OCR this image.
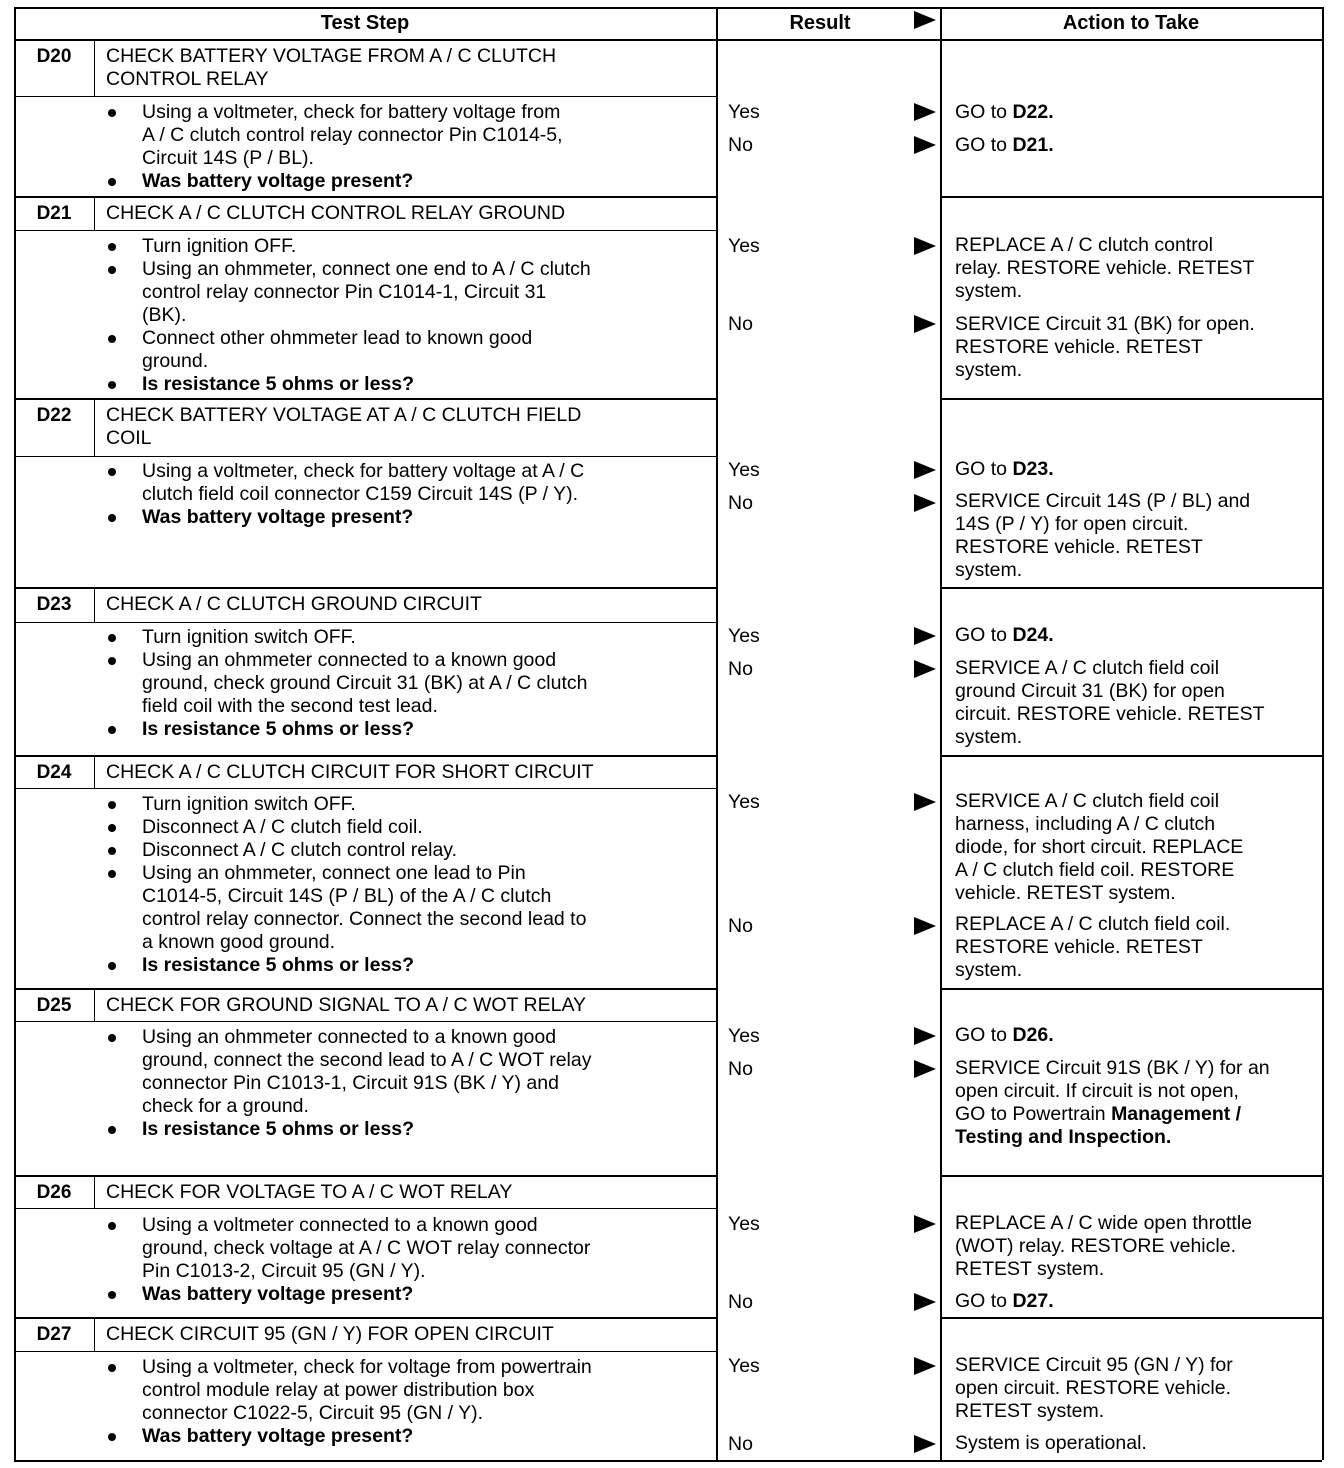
Test Step	Result	Action to Take
D20	CHECK BATTERY VOLTAGE FROM A / C CLUTCH
CONTROL RELAY
Using a voltmeter, check for battery voltage from
A / C clutch control relay connector Pin C1014-5,
Circuit 14S (P / BL).
Was battery voltage present?
Yes	GO to D22.
No	GO to D21.
D21	CHECK A / C CLUTCH CONTROL RELAY GROUND
Turn ignition OFF.
Using an ohmmeter, connect one end to A / C clutch
control relay connector Pin C1014-1, Circuit 31
(BK).
Connect other ohmmeter lead to known good
ground.
Is resistance 5 ohms or less?
Yes	REPLACE A / C clutch control
relay. RESTORE vehicle. RETEST
system.
No	SERVICE Circuit 31 (BK) for open.
RESTORE vehicle. RETEST
system.
D22	CHECK BATTERY VOLTAGE AT A / C CLUTCH FIELD
COIL
Using a voltmeter, check for battery voltage at A / C
clutch field coil connector C159 Circuit 14S (P / Y).
Was battery voltage present?
Yes	GO to D23.
No	SERVICE Circuit 14S (P / BL) and
14S (P / Y) for open circuit.
RESTORE vehicle. RETEST
system.
D23	CHECK A / C CLUTCH GROUND CIRCUIT
Turn ignition switch OFF.
Using an ohmmeter connected to a known good
ground, check ground Circuit 31 (BK) at A / C clutch
field coil with the second test lead.
Is resistance 5 ohms or less?
Yes	GO to D24.
No	SERVICE A / C clutch field coil
ground Circuit 31 (BK) for open
circuit. RESTORE vehicle. RETEST
system.
D24	CHECK A / C CLUTCH CIRCUIT FOR SHORT CIRCUIT
Turn ignition switch OFF.
Disconnect A / C clutch field coil.
Disconnect A / C clutch control relay.
Using an ohmmeter, connect one lead to Pin
C1014-5, Circuit 14S (P / BL) of the A / C clutch
control relay connector. Connect the second lead to
a known good ground.
Is resistance 5 ohms or less?
Yes	SERVICE A / C clutch field coil
harness, including A / C clutch
diode, for short circuit. REPLACE
A / C clutch field coil. RESTORE
vehicle. RETEST system.
No	REPLACE A / C clutch field coil.
RESTORE vehicle. RETEST
system.
D25	CHECK FOR GROUND SIGNAL TO A / C WOT RELAY
Using an ohmmeter connected to a known good
ground, connect the second lead to A / C WOT relay
connector Pin C1013-1, Circuit 91S (BK / Y) and
check for a ground.
Is resistance 5 ohms or less?
Yes	GO to D26.
No	SERVICE Circuit 91S (BK / Y) for an
open circuit. If circuit is not open,
GO to Powertrain Management /
Testing and Inspection.
D26	CHECK FOR VOLTAGE TO A / C WOT RELAY
Using a voltmeter connected to a known good
ground, check voltage at A / C WOT relay connector
Pin C1013-2, Circuit 95 (GN / Y).
Was battery voltage present?
Yes	REPLACE A / C wide open throttle
(WOT) relay. RESTORE vehicle.
RETEST system.
No	GO to D27.
D27	CHECK CIRCUIT 95 (GN / Y) FOR OPEN CIRCUIT
Using a voltmeter, check for voltage from powertrain
control module relay at power distribution box
connector C1022-5, Circuit 95 (GN / Y).
Was battery voltage present?
Yes	SERVICE Circuit 95 (GN / Y) for
open circuit. RESTORE vehicle.
RETEST system.
No	System is operational.
